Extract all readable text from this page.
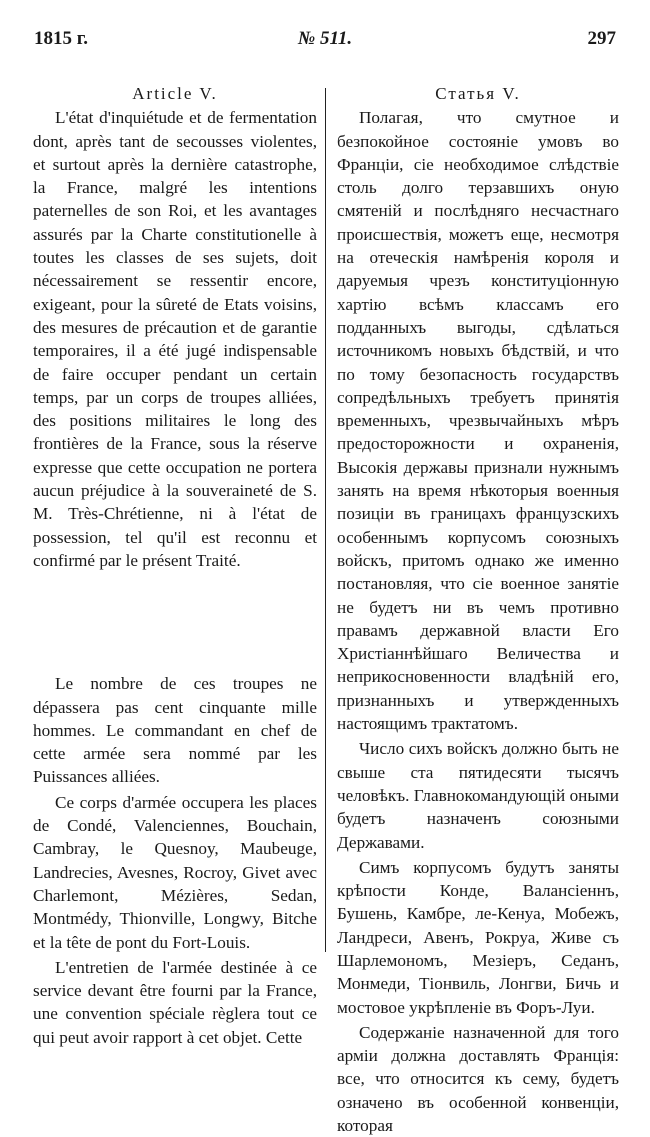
1815 г.	№ 511.	297
Article V.

L'état d'inquiétude et de fermentation dont, après tant de secousses violentes, et surtout après la dernière catastrophe, la France, malgré les intentions paternelles de son Roi, et les avantages assurés par la Charte constitutionelle à toutes les classes de ses sujets, doit nécessairement se ressentir encore, exigeant, pour la sûreté de Etats voisins, des mesures de précaution et de garantie temporaires, il a été jugé indispensable de faire occuper pendant un certain temps, par un corps de troupes alliées, des positions militaires le long des frontières de la France, sous la réserve expresse que cette occupation ne portera aucun préjudice à la souveraineté de S. M. Très-Chrétienne, ni à l'état de possession, tel qu'il est reconnu et confirmé par le présent Traité.

Le nombre de ces troupes ne dépassera pas cent cinquante mille hommes. Le commandant en chef de cette armée sera nommé par les Puissances alliées.

Ce corps d'armée occupera les places de Condé, Valenciennes, Bouchain, Cambray, le Quesnoy, Maubeuge, Landrecies, Avesnes, Rocroy, Givet avec Charlemont, Mézières, Sedan, Montmédy, Thionville, Longwy, Bitche et la tête de pont du Fort-Louis.

L'entretien de l'armée destinée à ce service devant être fourni par la France, une convention spéciale règlera tout ce qui peut avoir rapport à cet objet. Cette

Статья V.

Полагая, что смутное и безпокойное состояніе умовъ во Франціи, сіе необходимое слѣдствіе столь долго терзавшихъ оную смятеній и послѣдняго несчастнаго происшествія, можетъ еще, несмотря на отеческія намѣренія короля и даруемыя чрезъ конституціонную хартію всѣмъ классамъ его подданныхъ выгоды, сдѣлаться источникомъ новыхъ бѣдствій, и что по тому безопасность государствъ сопредѣльныхъ требуетъ принятія временныхъ, чрезвычайныхъ мѣръ предосторожности и охраненія, Высокія державы признали нужнымъ занять на время нѣкоторыя военныя позиціи въ границахъ французскихъ особеннымъ корпусомъ союзныхъ войскъ, притомъ однако же именно постановляя, что сіе военное занятіе не будетъ ни въ чемъ противно правамъ державной власти Его Христіаннѣйшаго Величества и неприкосновенности владѣній его, признанныхъ и утвержденныхъ настоящимъ трактатомъ.

Число сихъ войскъ должно быть не свыше ста пятидесяти тысячъ человѣкъ. Главнокомандующій оными будетъ назначенъ союзными Державами.

Симъ корпусомъ будутъ заняты крѣпости Конде, Валансіеннъ, Бушень, Камбре, ле-Кенуа, Мобежъ, Ландреси, Авенъ, Рокруа, Живе съ Шарлемономъ, Мезіеръ, Седанъ, Монмеди, Тіонвиль, Лонгви, Бичь и мостовое укрѣпленіе въ Форъ-Луи.

Содержаніе назначенной для того арміи должна доставлять Франція: все, что относится къ сему, будетъ означено въ особенной конвенціи, которая
